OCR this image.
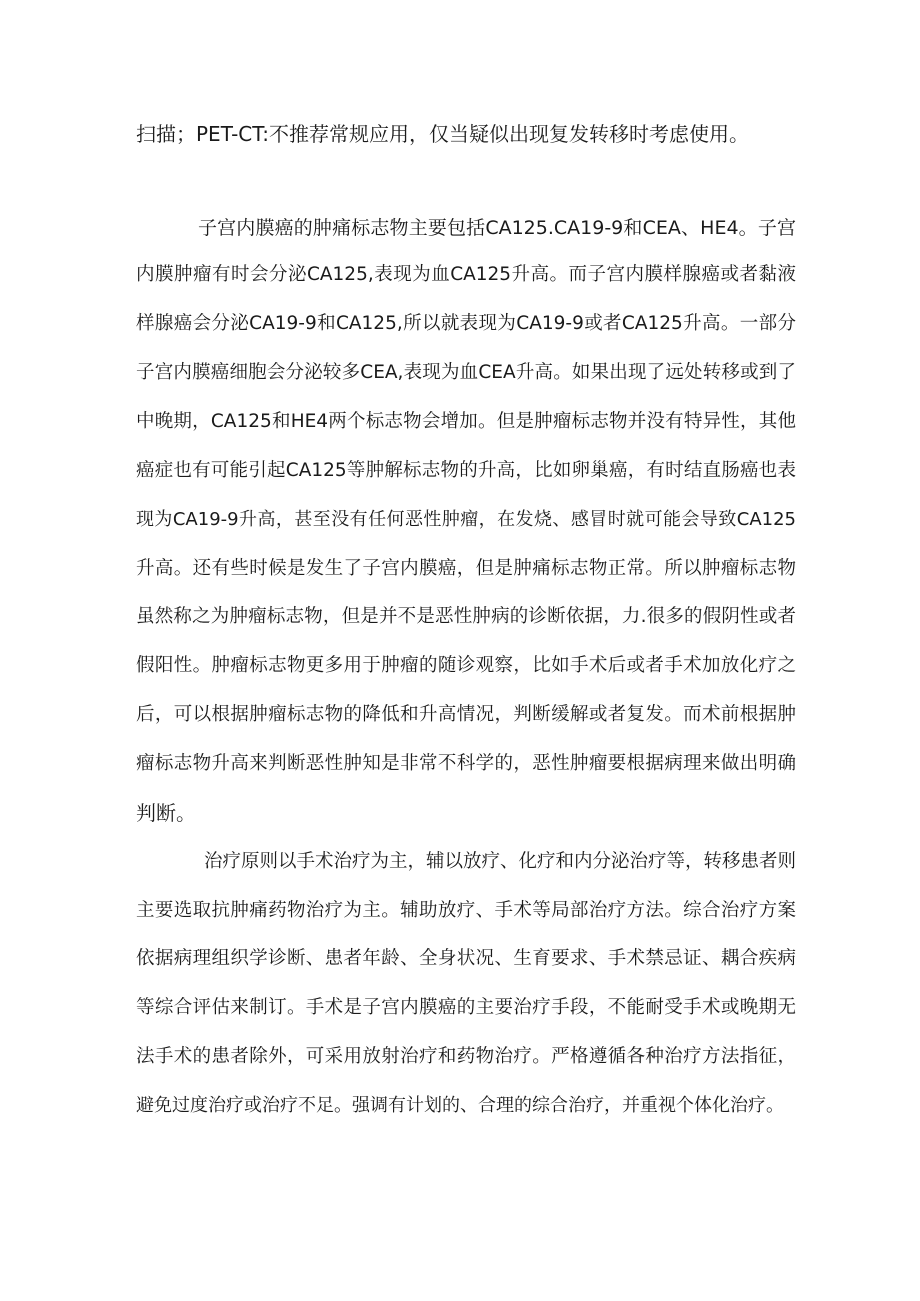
扫描；PET-CT:不推荐常规应用，仅当疑似出现复发转移时考虑使用。
子宫内膜癌的肿痛标志物主要包括CA125.CA19-9和CEA、HE4。子宫
内膜肿瘤有时会分泌CA125,表现为血CA125升高。而子宫内膜样腺癌或者黏液
样腺癌会分泌CA19-9和CA125,所以就表现为CA19-9或者CA125升高。一部分
子宫内膜癌细胞会分泌较多CEA,表现为血CEA升高。如果出现了远处转移或到了
中晚期，CA125和HE4两个标志物会增加。但是肿瘤标志物并没有特异性，其他
癌症也有可能引起CA125等肿解标志物的升高，比如卵巢癌，有时结直肠癌也表
现为CA19-9升高，甚至没有任何恶性肿瘤，在发烧、感冒时就可能会导致CA125
升高。还有些时候是发生了子宫内膜癌，但是肿痛标志物正常。所以肿瘤标志物
虽然称之为肿瘤标志物，但是并不是恶性肿病的诊断依据，力.很多的假阴性或者
假阳性。肿瘤标志物更多用于肿瘤的随诊观察，比如手术后或者手术加放化疗之
后，可以根据肿瘤标志物的降低和升高情况，判断缓解或者复发。而术前根据肿
瘤标志物升高来判断恶性肿知是非常不科学的，恶性肿瘤要根据病理来做出明确
判断。
治疗原则以手术治疗为主，辅以放疗、化疗和内分泌治疗等，转移患者则
主要选取抗肿痛药物治疗为主。辅助放疗、手术等局部治疗方法。综合治疗方案
依据病理组织学诊断、患者年龄、全身状况、生育要求、手术禁忌证、耦合疾病
等综合评估来制订。手术是子宫内膜癌的主要治疗手段，不能耐受手术或晚期无
法手术的患者除外，可采用放射治疗和药物治疗。严格遵循各种治疗方法指征，
避免过度治疗或治疗不足。强调有计划的、合理的综合治疗，并重视个体化治疗。
